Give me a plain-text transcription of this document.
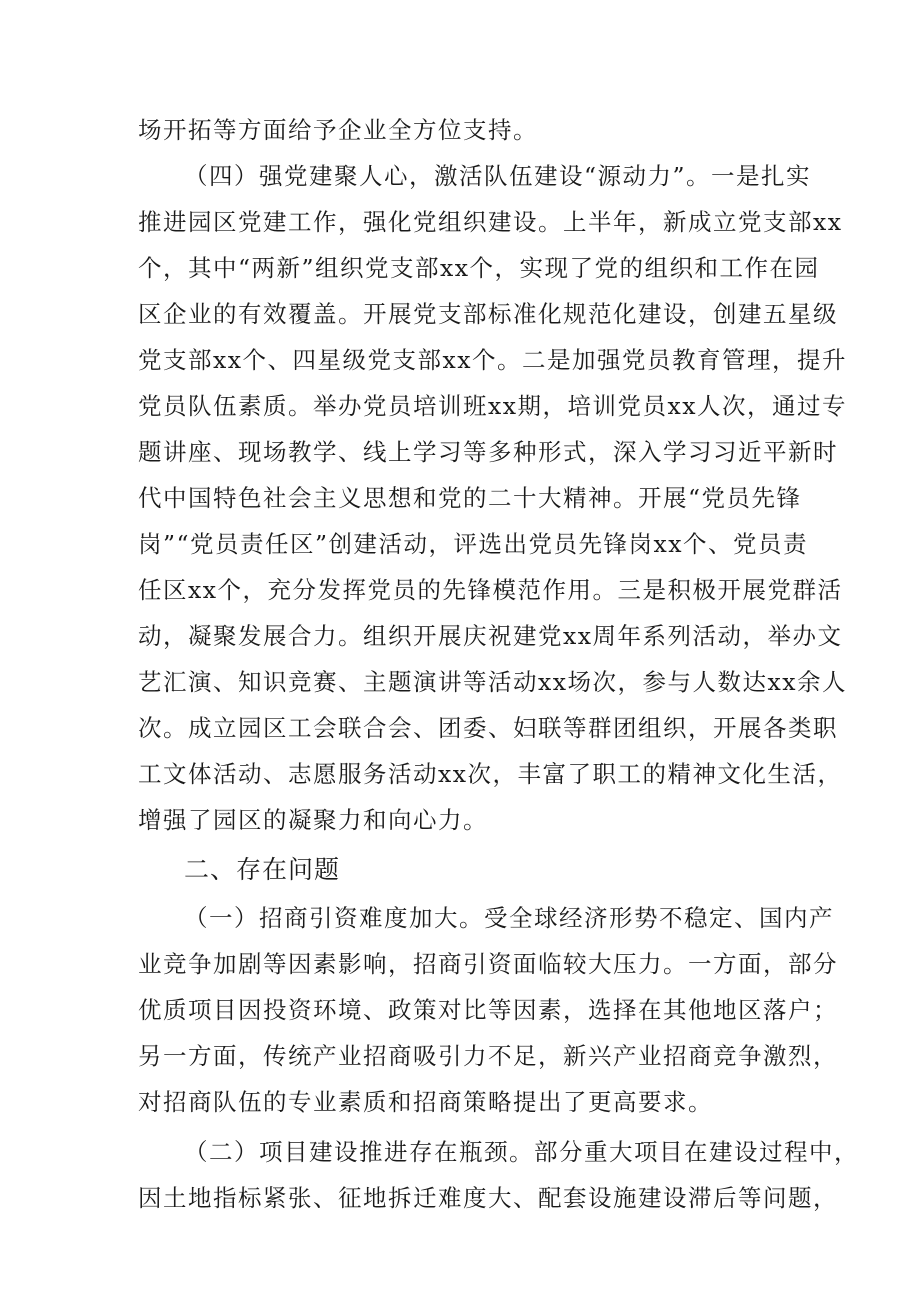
场开拓等方面给予企业全方位支持。
（四）强党建聚人心，激活队伍建设“源动力”。一是扎实
推进园区党建工作，强化党组织建设。上半年，新成立党支部xx
个，其中“两新”组织党支部xx个，实现了党的组织和工作在园
区企业的有效覆盖。开展党支部标准化规范化建设，创建五星级
党支部xx个、四星级党支部xx个。二是加强党员教育管理，提升
党员队伍素质。举办党员培训班xx期，培训党员xx人次，通过专
题讲座、现场教学、线上学习等多种形式，深入学习习近平新时
代中国特色社会主义思想和党的二十大精神。开展“党员先锋
岗”“党员责任区”创建活动，评选出党员先锋岗xx个、党员责
任区xx个，充分发挥党员的先锋模范作用。三是积极开展党群活
动，凝聚发展合力。组织开展庆祝建党xx周年系列活动，举办文
艺汇演、知识竞赛、主题演讲等活动xx场次，参与人数达xx余人
次。成立园区工会联合会、团委、妇联等群团组织，开展各类职
工文体活动、志愿服务活动xx次，丰富了职工的精神文化生活，
增强了园区的凝聚力和向心力。
二、存在问题
（一）招商引资难度加大。受全球经济形势不稳定、国内产
业竞争加剧等因素影响，招商引资面临较大压力。一方面，部分
优质项目因投资环境、政策对比等因素，选择在其他地区落户；
另一方面，传统产业招商吸引力不足，新兴产业招商竞争激烈，
对招商队伍的专业素质和招商策略提出了更高要求。
（二）项目建设推进存在瓶颈。部分重大项目在建设过程中，
因土地指标紧张、征地拆迁难度大、配套设施建设滞后等问题，
